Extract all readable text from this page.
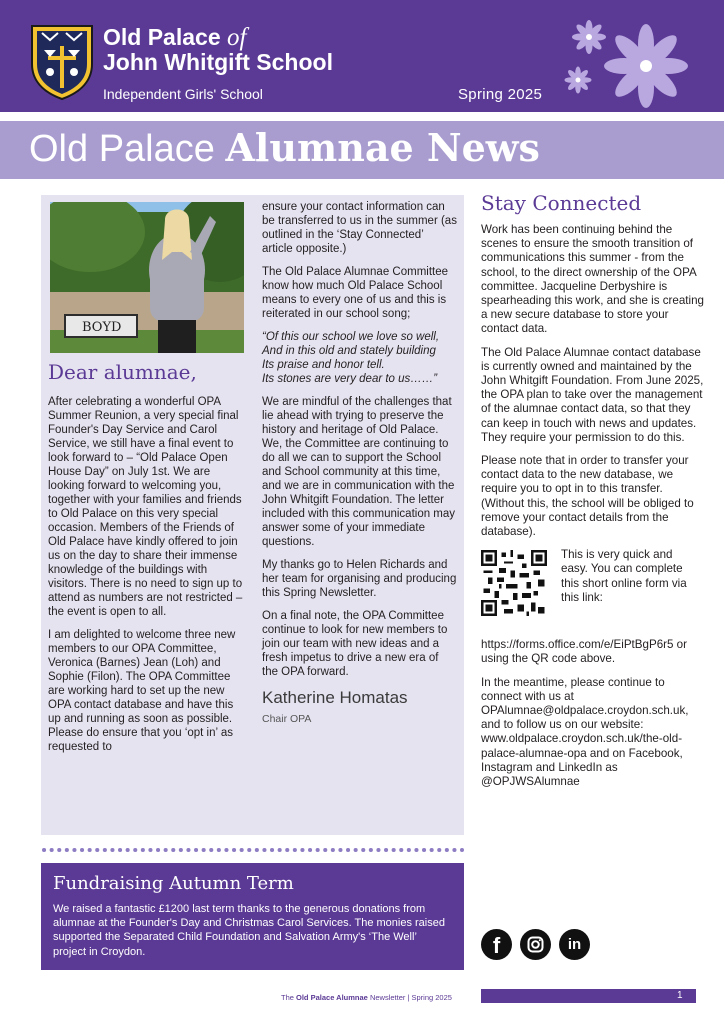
Old Palace of
John Whitgift School
Independent Girls' School	Spring 2025
Old Palace Alumnae News
BOYD
Dear alumnae,

After celebrating a wonderful OPA Summer Reunion, a very special final Founder's Day Service and Carol Service, we still have a final event to look forward to – “Old Palace Open House Day” on July 1st. We are looking forward to welcoming you, together with your families and friends to Old Palace on this very special occasion. Members of the Friends of Old Palace have kindly offered to join us on the day to share their immense knowledge of the buildings with visitors. There is no need to sign up to attend as numbers are not restricted – the event is open to all.

I am delighted to welcome three new members to our OPA Committee, Veronica (Barnes) Jean (Loh) and Sophie (Filon). The OPA Committee are working hard to set up the new OPA contact database and have this up and running as soon as possible. Please do ensure that you ‘opt in’ as requested to

ensure your contact information can be transferred to us in the summer (as outlined in the ‘Stay Connected’ article opposite.)

The Old Palace Alumnae Committee know how much Old Palace School means to every one of us and this is reiterated in our school song;

“Of this our school we love so well,
And in this old and stately building
Its praise and honor tell.
Its stones are very dear to us……”

We are mindful of the challenges that lie ahead with trying to preserve the history and heritage of Old Palace. We, the Committee are continuing to do all we can to support the School and School community at this time, and we are in communication with the John Whitgift Foundation. The letter included with this communication may answer some of your immediate questions.

My thanks go to Helen Richards and her team for organising and producing this Spring Newsletter.

On a final note, the OPA Committee continue to look for new members to join our team with new ideas and a fresh impetus to drive a new era of the OPA forward.

Katherine Homatas
Chair OPA
Fundraising Autumn Term
We raised a fantastic £1200 last term thanks to the generous donations from alumnae at the Founder's Day and Christmas Carol Services. The monies raised supported the Separated Child Foundation and Salvation Army's ‘The Well’ project in Croydon.
Stay Connected

Work has been continuing behind the scenes to ensure the smooth transition of communications this summer - from the school, to the direct ownership of the OPA committee. Jacqueline Derbyshire is spearheading this work, and she is creating a new secure database to store your contact data.

The Old Palace Alumnae contact database is currently owned and maintained by the John Whitgift Foundation. From June 2025, the OPA plan to take over the management of the alumnae contact data, so that they can keep in touch with news and updates. They require your permission to do this.

Please note that in order to transfer your contact data to the new database, we require you to opt in to this transfer. (Without this, the school will be obliged to remove your contact details from the database).

This is very quick and easy. You can complete this short online form via this link:

https://forms.office.com/e/EiPtBgP6r5 or using the QR code above.

In the meantime, please continue to connect with us at OPAlumnae@oldpalace.croydon.sch.uk, and to follow us on our website: www.oldpalace.croydon.sch.uk/the-old-palace-alumnae-opa and on Facebook, Instagram and LinkedIn as @OPJWSAlumnae

f	in
The Old Palace Alumnae Newsletter | Spring 2025	1
